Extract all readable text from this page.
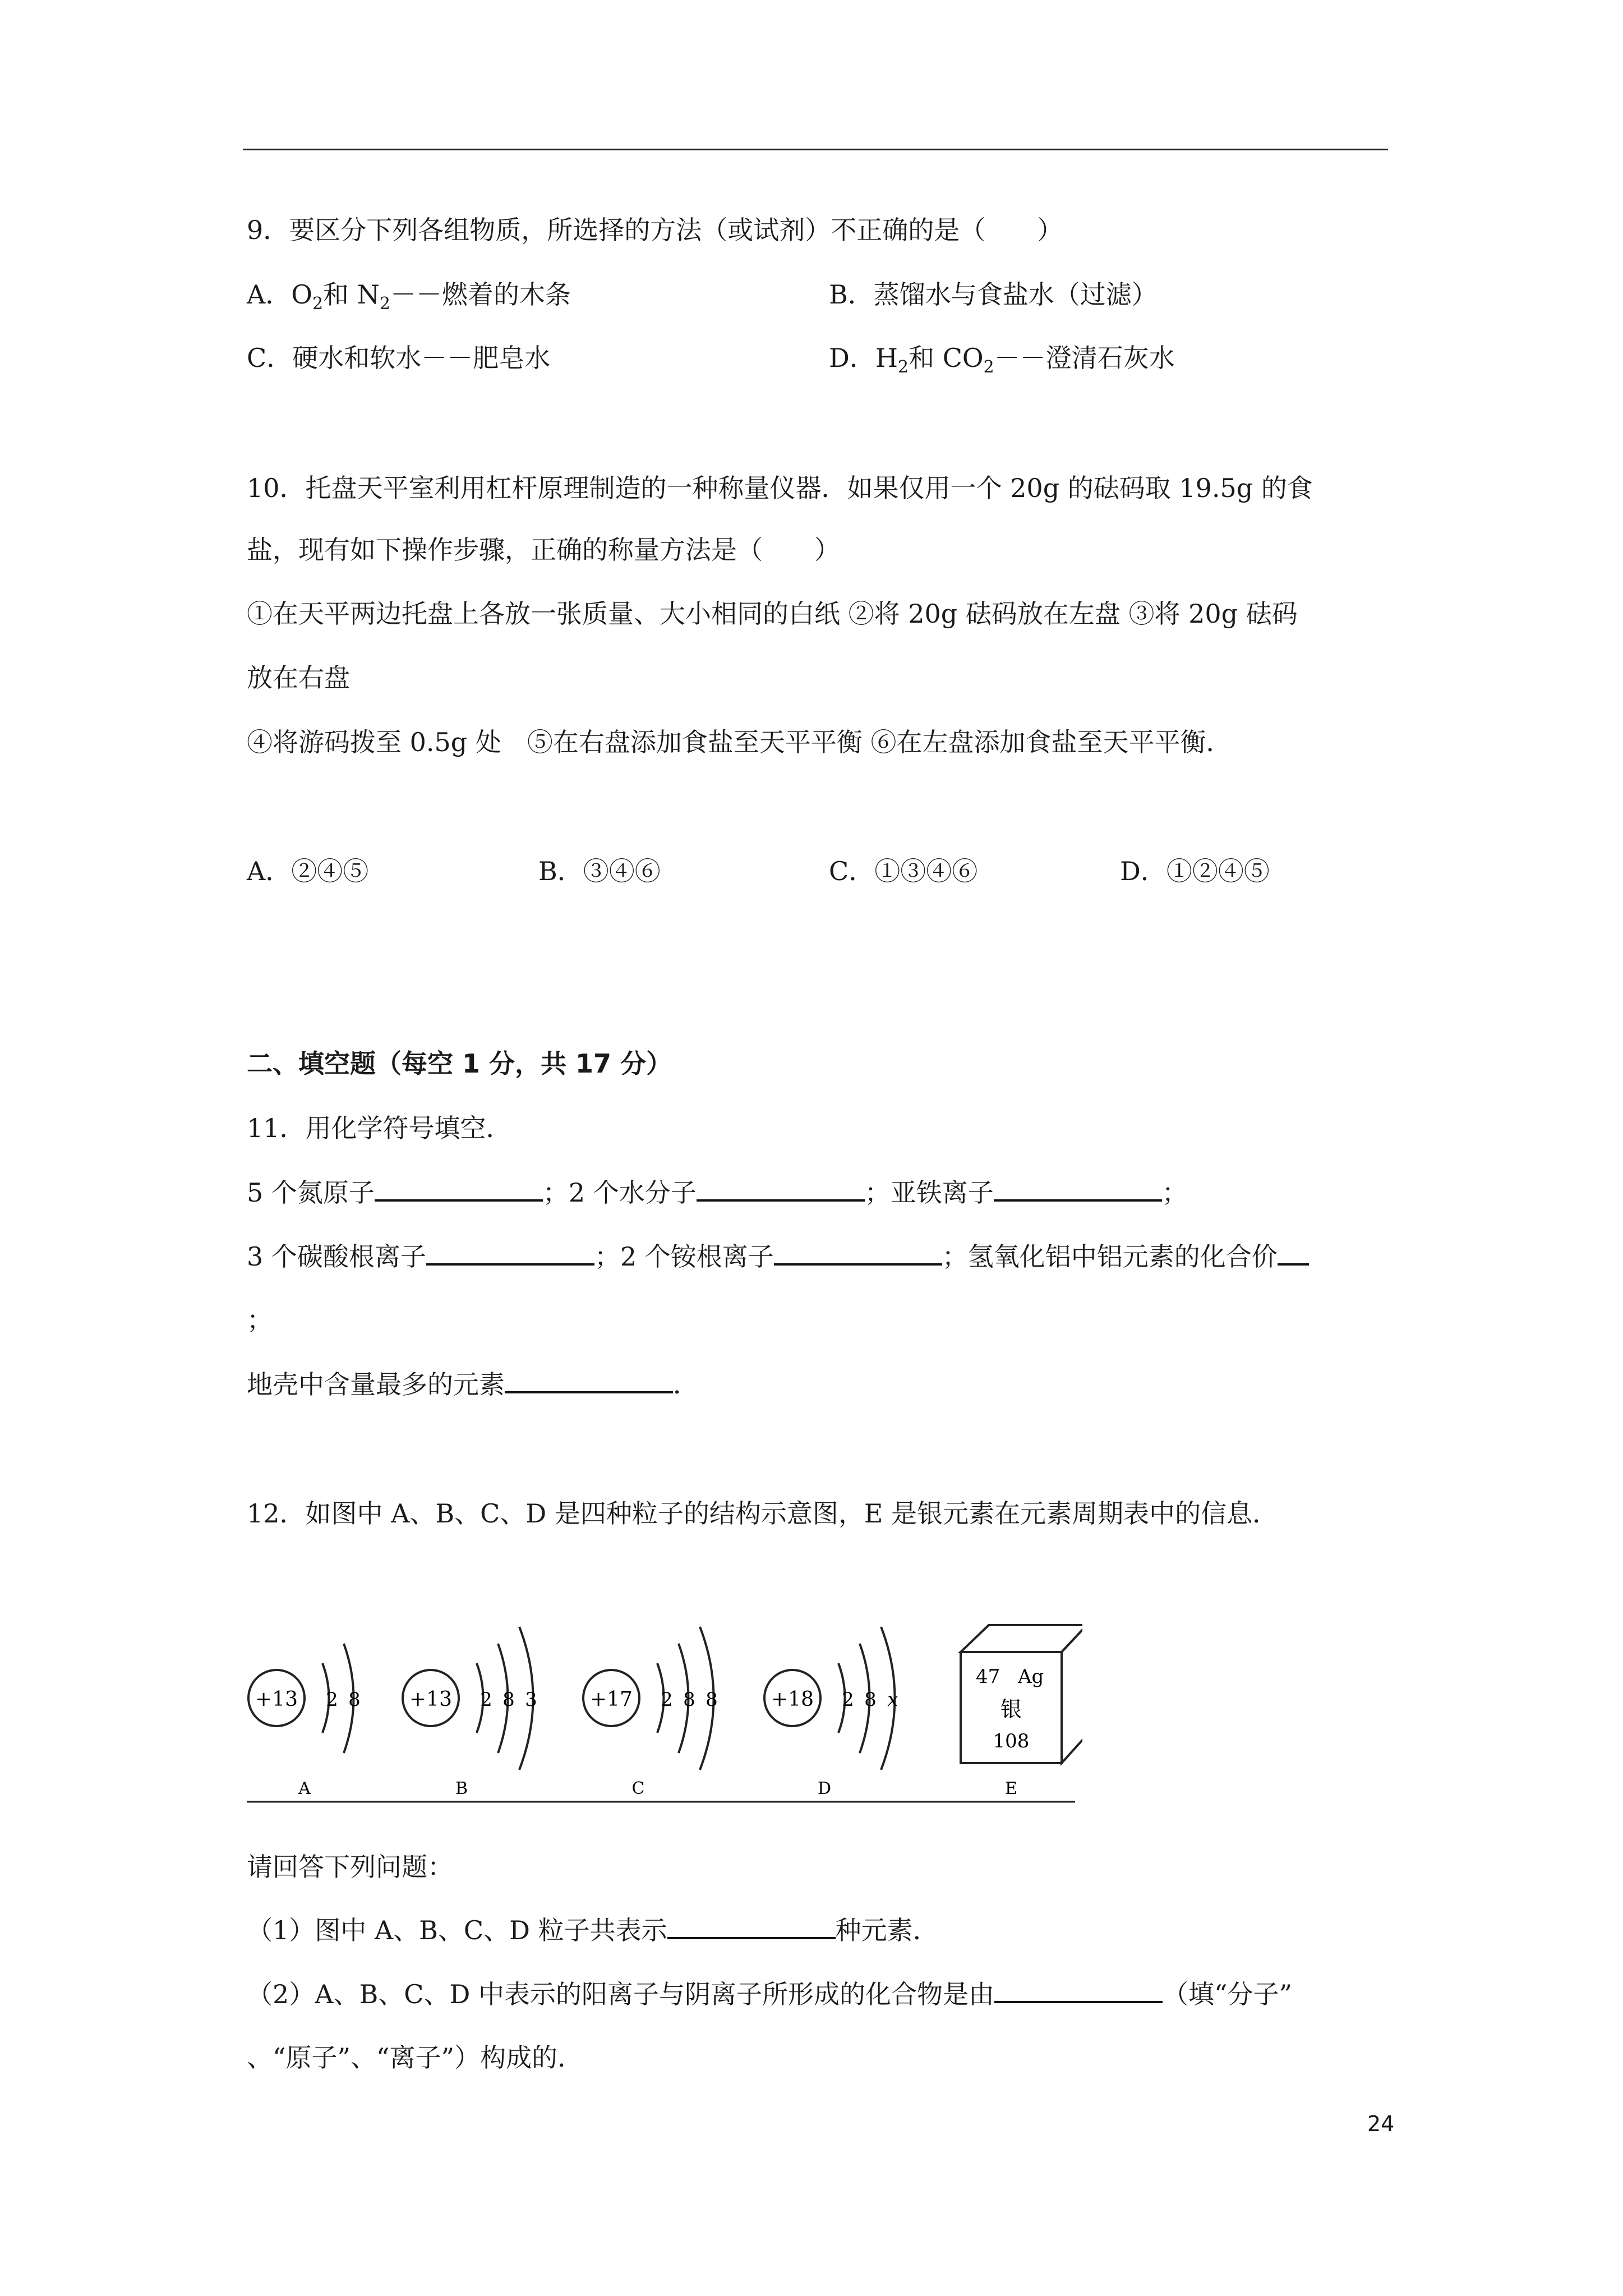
9．要区分下列各组物质，所选择的方法（或试剂）不正确的是（　　）
A．$O_2$和 $N_2--$燃着的木条	B．蒸馏水与食盐水（过滤）
C．硬水和软水－－肥皂水	D．$H_2$和 $CO_2--$澄清石灰水
10．托盘天平室利用杠杆原理制造的一种称量仪器．如果仅用一个 20g 的砝码取 19.5g 的食
盐，现有如下操作步骤，正确的称量方法是（　　）
①在天平两边托盘上各放一张质量、大小相同的白纸 ②将 20g 砝码放在左盘 ③将 20g 砝码
放在右盘
④将游码拨至 0.5g 处　⑤在右盘添加食盐至天平平衡 ⑥在左盘添加食盐至天平平衡．
A．②④⑤	B．③④⑥	C．①③④⑥	D．①②④⑤
二、填空题（每空 1 分，共 17 分）
11．用化学符号填空．
5 个氮原子	；2 个水分子	；亚铁离子	；
3 个碳酸根离子	；2 个铵根离子	；氢氧化铝中铝元素的化合价
；
地壳中含量最多的元素	．
12．如图中 A、B、C、D 是四种粒子的结构示意图，E 是银元素在元素周期表中的信息．
+13 2 8
A
+13 2 8 3
B
+17 2 8 8
C
+18 2 8 x
D
47 Ag
银
108
E
请回答下列问题：
（1）图中 A、B、C、D 粒子共表示	种元素．
（2）A、B、C、D 中表示的阳离子与阴离子所形成的化合物是由	（填“分子”
、“原子”、“离子”）构成的．
24
